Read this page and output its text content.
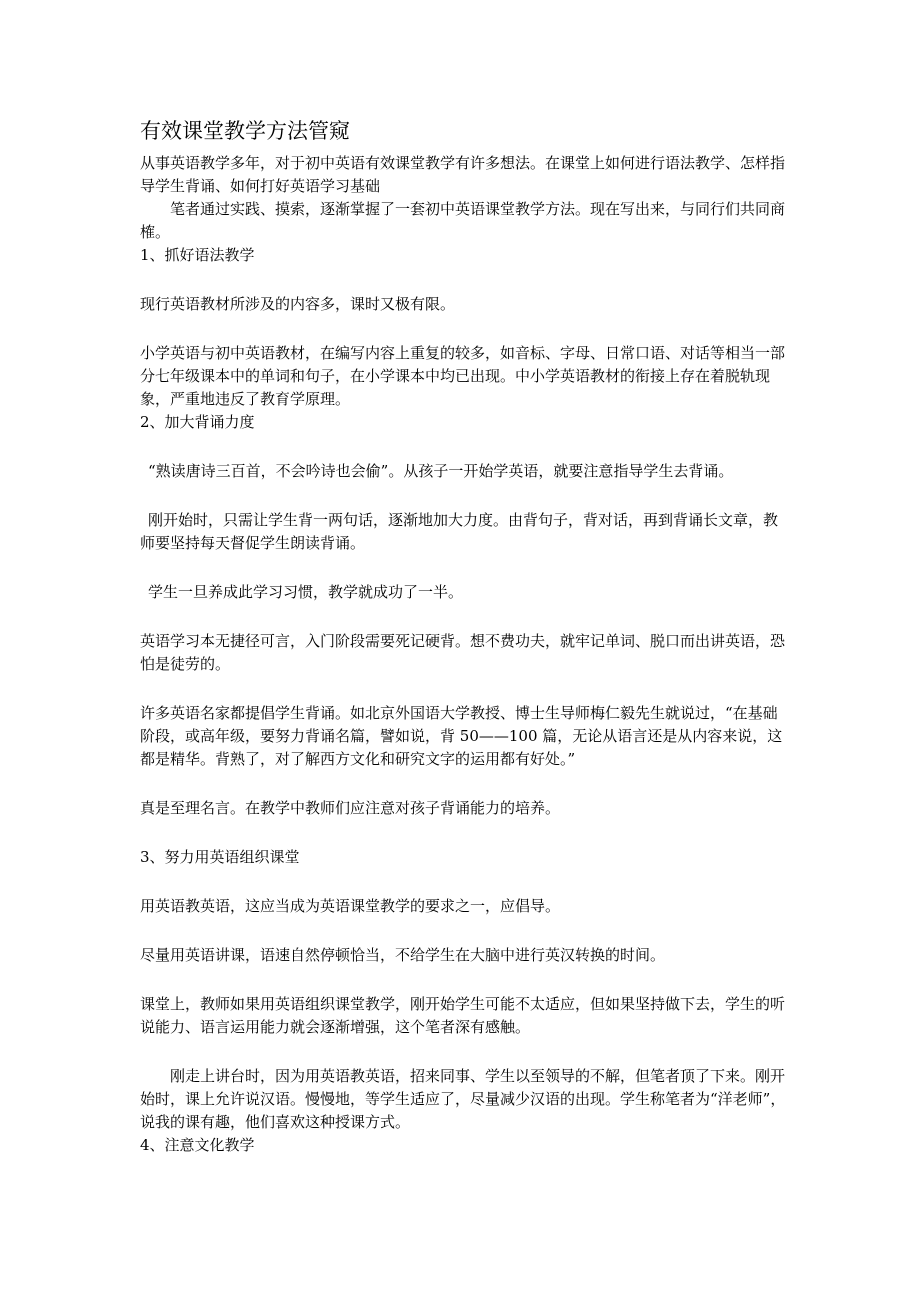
有效课堂教学方法管窥

从事英语教学多年，对于初中英语有效课堂教学有许多想法。在课堂上如何进行语法教学、怎样指导学生背诵、如何打好英语学习基础

笔者通过实践、摸索，逐渐掌握了一套初中英语课堂教学方法。现在写出来，与同行们共同商榷。

1、抓好语法教学

现行英语教材所涉及的内容多，课时又极有限。

小学英语与初中英语教材，在编写内容上重复的较多，如音标、字母、日常口语、对话等相当一部分七年级课本中的单词和句子，在小学课本中均已出现。中小学英语教材的衔接上存在着脱轨现象，严重地违反了教育学原理。

2、加大背诵力度

“熟读唐诗三百首，不会吟诗也会偷”。从孩子一开始学英语，就要注意指导学生去背诵。

刚开始时，只需让学生背一两句话，逐渐地加大力度。由背句子，背对话，再到背诵长文章，教师要坚持每天督促学生朗读背诵。

学生一旦养成此学习习惯，教学就成功了一半。

英语学习本无捷径可言，入门阶段需要死记硬背。想不费功夫，就牢记单词、脱口而出讲英语，恐怕是徒劳的。

许多英语名家都提倡学生背诵。如北京外国语大学教授、博士生导师梅仁毅先生就说过，“在基础阶段，或高年级，要努力背诵名篇，譬如说，背 50——100 篇，无论从语言还是从内容来说，这都是精华。背熟了，对了解西方文化和研究文字的运用都有好处。”

真是至理名言。在教学中教师们应注意对孩子背诵能力的培养。

3、努力用英语组织课堂

用英语教英语，这应当成为英语课堂教学的要求之一，应倡导。

尽量用英语讲课，语速自然停顿恰当，不给学生在大脑中进行英汉转换的时间。

课堂上，教师如果用英语组织课堂教学，刚开始学生可能不太适应，但如果坚持做下去，学生的听说能力、语言运用能力就会逐渐增强，这个笔者深有感触。

刚走上讲台时，因为用英语教英语，招来同事、学生以至领导的不解，但笔者顶了下来。刚开始时，课上允许说汉语。慢慢地，等学生适应了，尽量减少汉语的出现。学生称笔者为“洋老师”，说我的课有趣，他们喜欢这种授课方式。

4、注意文化教学
